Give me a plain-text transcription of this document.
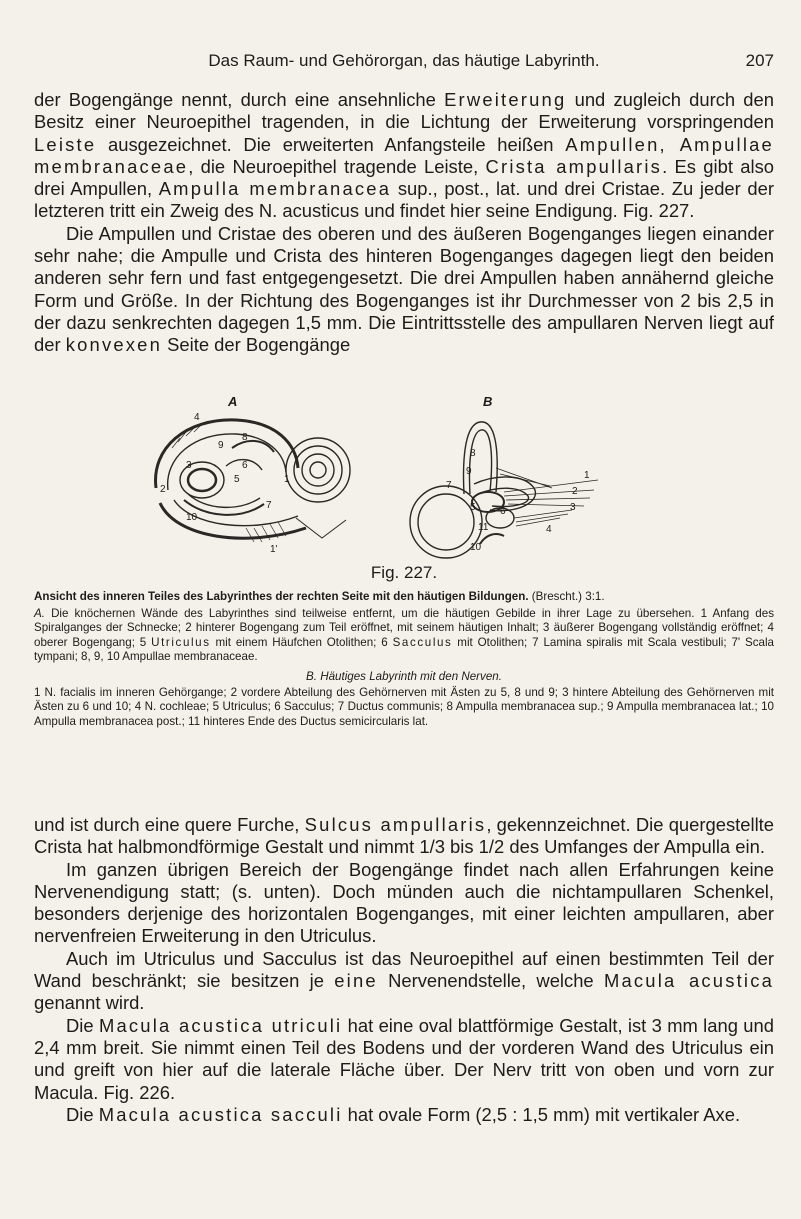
Das Raum- und Gehörorgan, das häutige Labyrinth.	207

der Bogengänge nennt, durch eine ansehnliche Erweiterung und zugleich durch den Besitz einer Neuroepithel tragenden, in die Lichtung der Erweiterung vorspringenden Leiste ausgezeichnet. Die erweiterten Anfangsteile heißen Ampullen, Ampullae membranaceae, die Neuroepithel tragende Leiste, Crista ampullaris. Es gibt also drei Ampullen, Ampulla membranacea sup., post., lat. und drei Cristae. Zu jeder der letzteren tritt ein Zweig des N. acusticus und findet hier seine Endigung. Fig. 227.

Die Ampullen und Cristae des oberen und des äußeren Bogenganges liegen einander sehr nahe; die Ampulle und Crista des hinteren Bogenganges dagegen liegt den beiden anderen sehr fern und fast entgegengesetzt. Die drei Ampullen haben annähernd gleiche Form und Größe. In der Richtung des Bogenganges ist ihr Durchmesser von 2 bis 2,5 in der dazu senkrechten dagegen 1,5 mm. Die Eintrittsstelle des ampullaren Nerven liegt auf der konvexen Seite der Bogengänge

A	B
4
9
3	6
5
2
10
1
8
7
1'
8
9
7
5 6
11
10
1
2
3
4
Fig. 227.
Ansicht des inneren Teiles des Labyrinthes der rechten Seite mit den häutigen Bildungen. (Brescht.) 3:1.

A. Die knöchernen Wände des Labyrinthes sind teilweise entfernt, um die häutigen Gebilde in ihrer Lage zu übersehen. 1 Anfang des Spiralganges der Schnecke; 2 hinterer Bogengang zum Teil eröffnet, mit seinem häutigen Inhalt; 3 äußerer Bogengang vollständig eröffnet; 4 oberer Bogengang; 5 Utriculus mit einem Häufchen Otolithen; 6 Sacculus mit Otolithen; 7 Lamina spiralis mit Scala vestibuli; 7' Scala tympani; 8, 9, 10 Ampullae membranaceae.

B. Häutiges Labyrinth mit den Nerven.
1 N. facialis im inneren Gehörgange; 2 vordere Abteilung des Gehörnerven mit Ästen zu 5, 8 und 9; 3 hintere Abteilung des Gehörnerven mit Ästen zu 6 und 10; 4 N. cochleae; 5 Utriculus; 6 Sacculus; 7 Ductus communis; 8 Ampulla membranacea sup.; 9 Ampulla membranacea lat.; 10 Ampulla membranacea post.; 11 hinteres Ende des Ductus semicircularis lat.

und ist durch eine quere Furche, Sulcus ampullaris, gekennzeichnet. Die quergestellte Crista hat halbmondförmige Gestalt und nimmt 1/3 bis 1/2 des Umfanges der Ampulla ein.

Im ganzen übrigen Bereich der Bogengänge findet nach allen Erfahrungen keine Nervenendigung statt; (s. unten). Doch münden auch die nichtampullaren Schenkel, besonders derjenige des horizontalen Bogenganges, mit einer leichten ampullaren, aber nervenfreien Erweiterung in den Utriculus.

Auch im Utriculus und Sacculus ist das Neuroepithel auf einen bestimmten Teil der Wand beschränkt; sie besitzen je eine Nervenendstelle, welche Macula acustica genannt wird.

Die Macula acustica utriculi hat eine oval blattförmige Gestalt, ist 3 mm lang und 2,4 mm breit. Sie nimmt einen Teil des Bodens und der vorderen Wand des Utriculus ein und greift von hier auf die laterale Fläche über. Der Nerv tritt von oben und vorn zur Macula. Fig. 226.

Die Macula acustica sacculi hat ovale Form (2,5 : 1,5 mm) mit vertikaler Axe.
